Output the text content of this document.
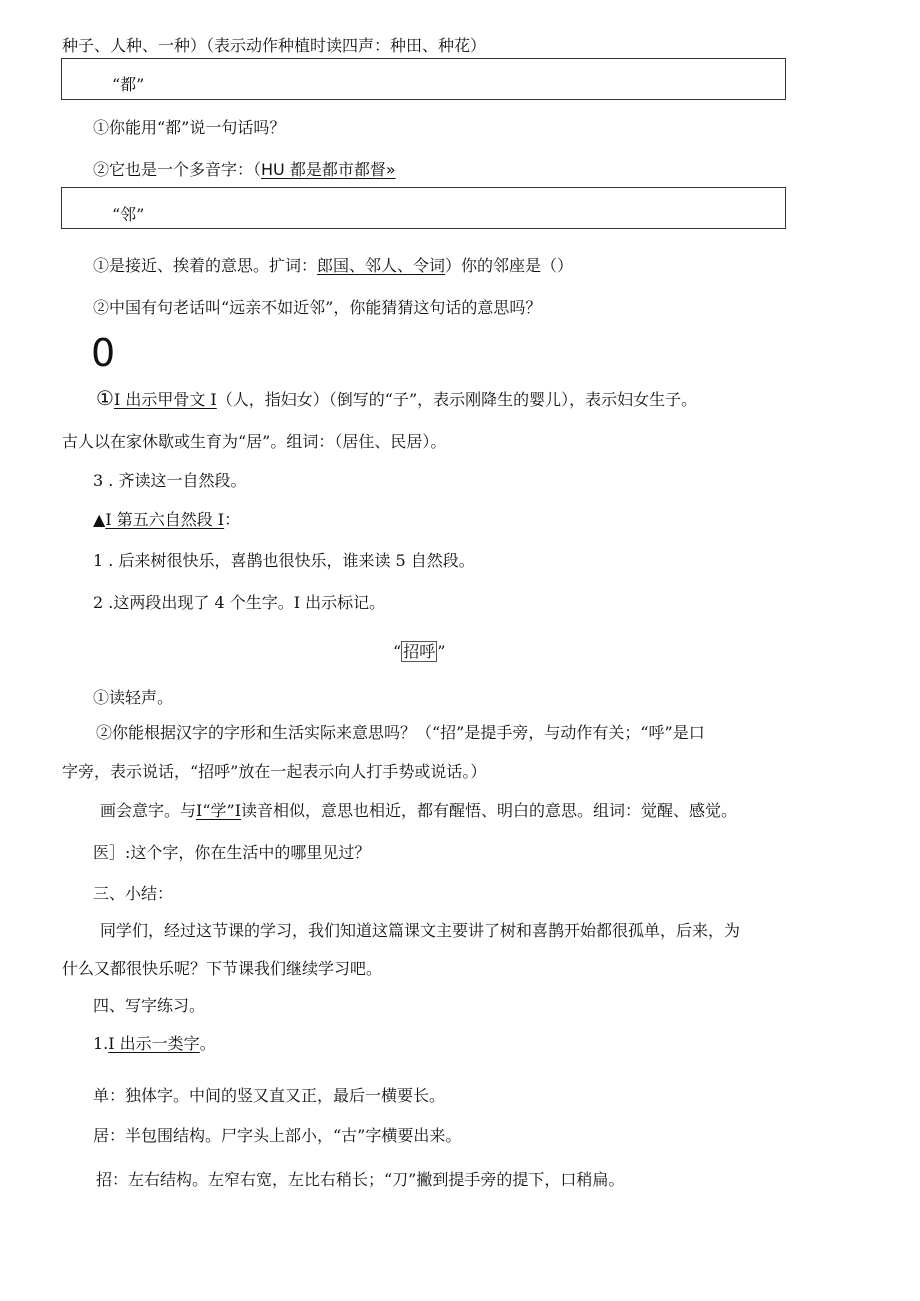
种子、人种、一种）（表示动作种植时读四声：种田、种花）
“都”
①你能用“都”说一句话吗？
②它也是一个多音字：（HU 都是都市都督»
“邻”
①是接近、挨着的意思。扩词：郎国、邻人、令词）你的邻座是（）
②中国有句老话叫“远亲不如近邻”，你能猜猜这句话的意思吗？
0
①I 出示甲骨文 I（人，指妇女）（倒写的“子”，表示刚降生的婴儿），表示妇女生子。
古人以在家休歇或生育为“居”。组词：（居住、民居）。
3 . 齐读这一自然段。
▲I 第五六自然段 I：
1 . 后来树很快乐，喜鹊也很快乐，谁来读 5 自然段。
2 .这两段出现了 4 个生字。I 出示标记。
“ 招呼 ”
①读轻声。
②你能根据汉字的字形和生活实际来意思吗？（“招”是提手旁，与动作有关；“呼”是口
字旁，表示说话，“招呼”放在一起表示向人打手势或说话。）
画会意字。与I“学”I读音相似，意思也相近，都有醒悟、明白的意思。组词：觉醒、感觉。
医］:这个字，你在生活中的哪里见过？
三、小结：
同学们，经过这节课的学习，我们知道这篇课文主要讲了树和喜鹊开始都很孤单，后来，为
什么又都很快乐呢？下节课我们继续学习吧。
四、写字练习。
1.I 出示一类字。
单：独体字。中间的竖又直又正，最后一横要长。
居：半包围结构。尸字头上部小，“古”字横要出来。
招：左右结构。左窄右宽，左比右稍长；“刀”撇到提手旁的提下，口稍扁。
